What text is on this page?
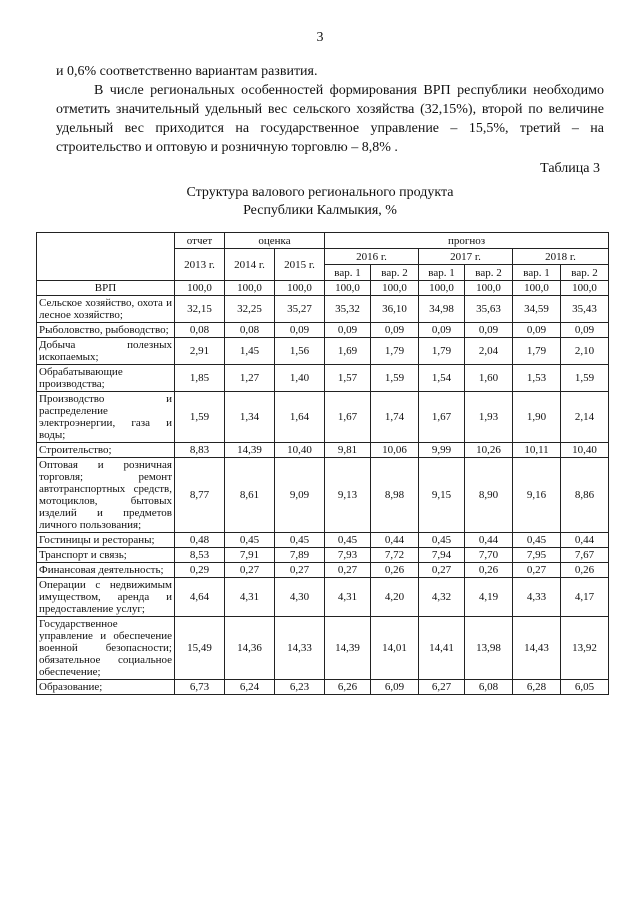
3

и 0,6% соответственно вариантам развития.

В числе региональных особенностей формирования ВРП республики необходимо отметить значительный удельный вес сельского хозяйства (32,15%), второй по величине удельный вес приходится на государственное управление – 15,5%, третий – на строительство и оптовую и розничную торговлю – 8,8% .

Таблица 3
Структура валового регионального продукта
Республики Калмыкия, %
	отчет	оценка		прогноз					
	2013 г.	2014 г.	2015 г.	2016 г.		2017 г.		2018 г.	
				вар. 1	вар. 2	вар. 1	вар. 2	вар. 1	вар. 2
ВРП	100,0	100,0	100,0	100,0	100,0	100,0	100,0	100,0	100,0
Сельское хозяйство, охота и лесное хозяйство;	32,15	32,25	35,27	35,32	36,10	34,98	35,63	34,59	35,43
Рыболовство, рыбоводство;	0,08	0,08	0,09	0,09	0,09	0,09	0,09	0,09	0,09
Добыча полезных ископаемых;	2,91	1,45	1,56	1,69	1,79	1,79	2,04	1,79	2,10
Обрабатывающие производства;	1,85	1,27	1,40	1,57	1,59	1,54	1,60	1,53	1,59
Производство и распределение электроэнергии, газа и воды;	1,59	1,34	1,64	1,67	1,74	1,67	1,93	1,90	2,14
Строительство;	8,83	14,39	10,40	9,81	10,06	9,99	10,26	10,11	10,40
Оптовая и розничная торговля; ремонт автотранспортных средств, мотоциклов, бытовых изделий и предметов личного пользования;	8,77	8,61	9,09	9,13	8,98	9,15	8,90	9,16	8,86
Гостиницы и рестораны;	0,48	0,45	0,45	0,45	0,44	0,45	0,44	0,45	0,44
Транспорт и связь;	8,53	7,91	7,89	7,93	7,72	7,94	7,70	7,95	7,67
Финансовая деятельность;	0,29	0,27	0,27	0,27	0,26	0,27	0,26	0,27	0,26
Операции с недвижимым имуществом, аренда и предоставление услуг;	4,64	4,31	4,30	4,31	4,20	4,32	4,19	4,33	4,17
Государственное управление и обеспечение военной безопасности; обязательное социальное обеспечение;	15,49	14,36	14,33	14,39	14,01	14,41	13,98	14,43	13,92
Образование;	6,73	6,24	6,23	6,26	6,09	6,27	6,08	6,28	6,05
